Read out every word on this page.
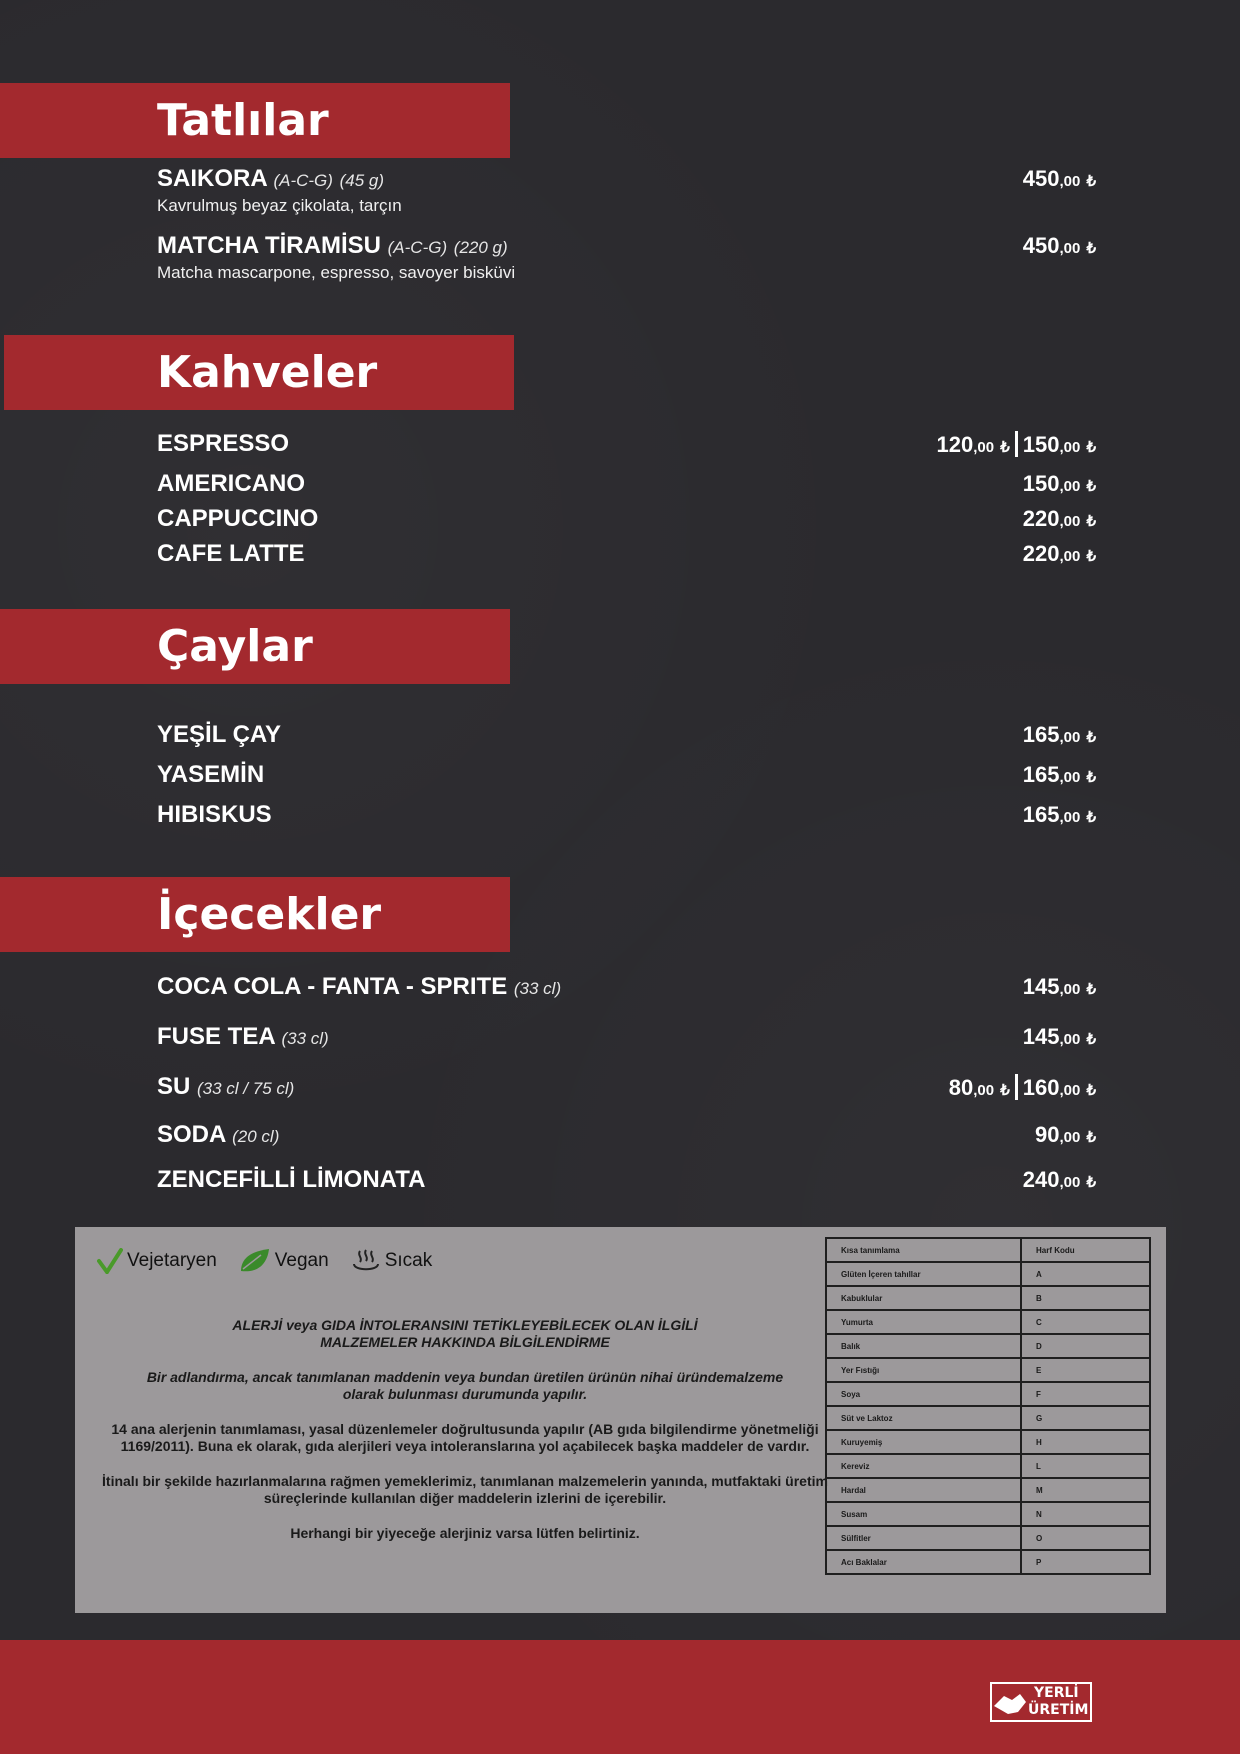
Tatlılar
Kahveler
Çaylar
İçecekler
SAIKORA (A-C-G) (45 g)
Kavrulmuş beyaz çikolata, tarçın
450,00 ₺
MATCHA TİRAMİSU (A-C-G) (220 g)
Matcha mascarpone, espresso, savoyer bisküvi
450,00 ₺
ESPRESSO	120,00 ₺ 150,00 ₺
AMERICANO	150,00 ₺
CAPPUCCINO	220,00 ₺
CAFE LATTE	220,00 ₺
YEŞİL ÇAY	165,00 ₺
YASEMİN	165,00 ₺
HIBISKUS	165,00 ₺
COCA COLA - FANTA - SPRITE (33 cl)	145,00 ₺
FUSE TEA (33 cl)	145,00 ₺
SU (33 cl / 75 cl)	80,00 ₺ 160,00 ₺
SODA (20 cl)	90,00 ₺
ZENCEFİLLİ LİMONATA	240,00 ₺
Vejetaryen	Vegan	Sıcak

ALERJİ veya GIDA İNTOLERANSINI TETİKLEYEBİLECEK OLAN İLGİLİ MALZEMELER HAKKINDA BİLGİLENDİRME

Bir adlandırma, ancak tanımlanan maddenin veya bundan üretilen ürünün nihai üründemalzeme olarak bulunması durumunda yapılır.

14 ana alerjenin tanımlaması, yasal düzenlemeler doğrultusunda yapılır (AB gıda bilgilendirme yönetmeliği 1169/2011). Buna ek olarak, gıda alerjileri veya intoleranslarına yol açabilecek başka maddeler de vardır.

İtinalı bir şekilde hazırlanmalarına rağmen yemeklerimiz, tanımlanan malzemelerin yanında, mutfaktaki üretim süreçlerinde kullanılan diğer maddelerin izlerini de içerebilir.

Herhangi bir yiyeceğe alerjiniz varsa lütfen belirtiniz.

Kısa tanımlama	Harf Kodu
Glüten İçeren tahıllar	A
Kabuklular	B
Yumurta	C
Balık	D
Yer Fıstığı	E
Soya	F
Süt ve Laktoz	G
Kuruyemiş	H
Kereviz	L
Hardal	M
Susam	N
Sülfitler	O
Acı Baklalar	P
YERLİ
ÜRETİM
